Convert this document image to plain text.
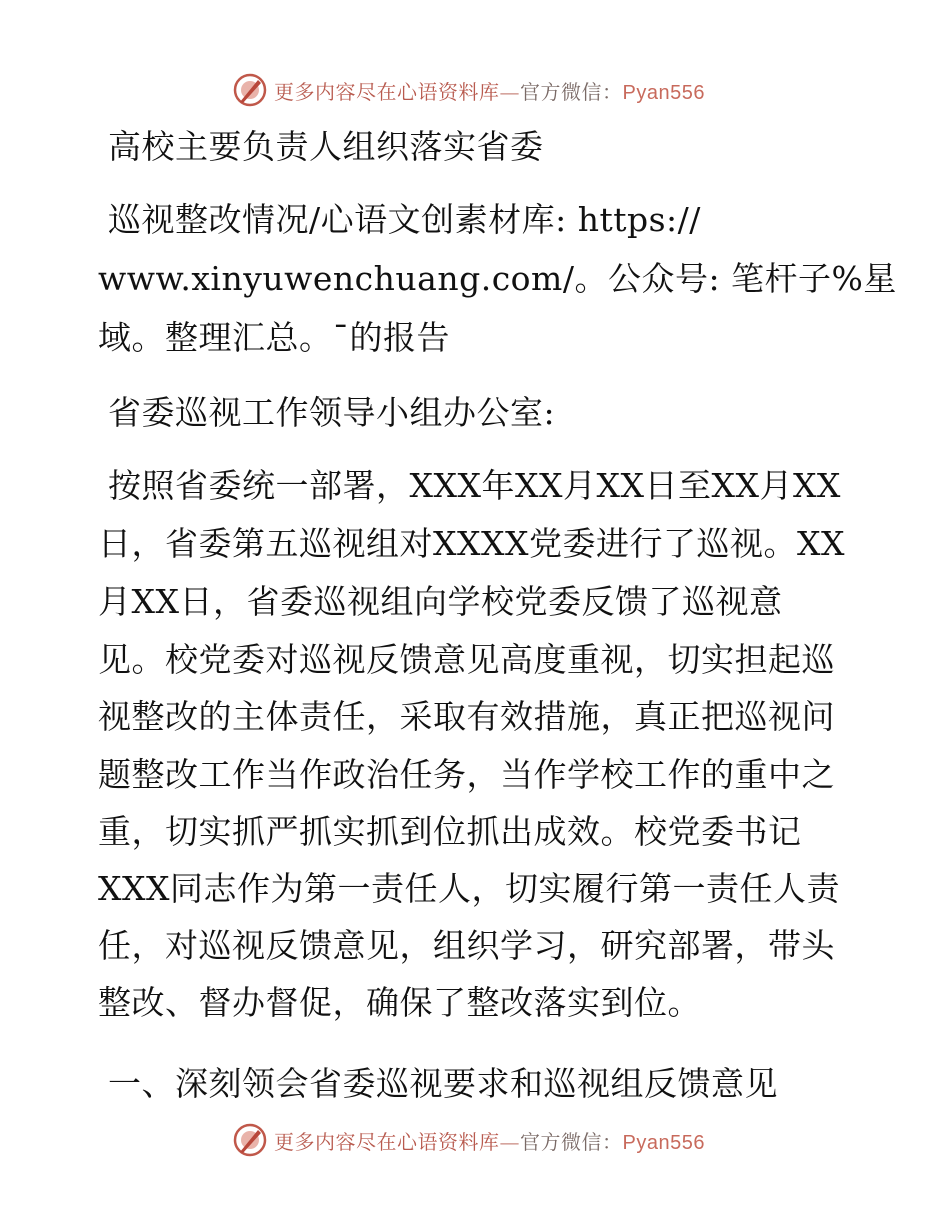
更多内容尽在心语资料库—官方微信：Pyan556
高校主要负责人组织落实省委
巡视整改情况/心语文创素材库: https://
www.xinyuwenchuang.com/。公众号: 笔杆子%星
域。整理汇总。¯的报告
省委巡视工作领导小组办公室:
按照省委统一部署，XXX年XX月XX日至XX月XX
日，省委第五巡视组对XXXX党委进行了巡视。XX
月XX日，省委巡视组向学校党委反馈了巡视意
见。校党委对巡视反馈意见高度重视，切实担起巡
视整改的主体责任，采取有效措施，真正把巡视问
题整改工作当作政治任务，当作学校工作的重中之
重，切实抓严抓实抓到位抓出成效。校党委书记
XXX同志作为第一责任人，切实履行第一责任人责
任，对巡视反馈意见，组织学习，研究部署，带头
整改、督办督促，确保了整改落实到位。
一、深刻领会省委巡视要求和巡视组反馈意见
更多内容尽在心语资料库—官方微信：Pyan556
